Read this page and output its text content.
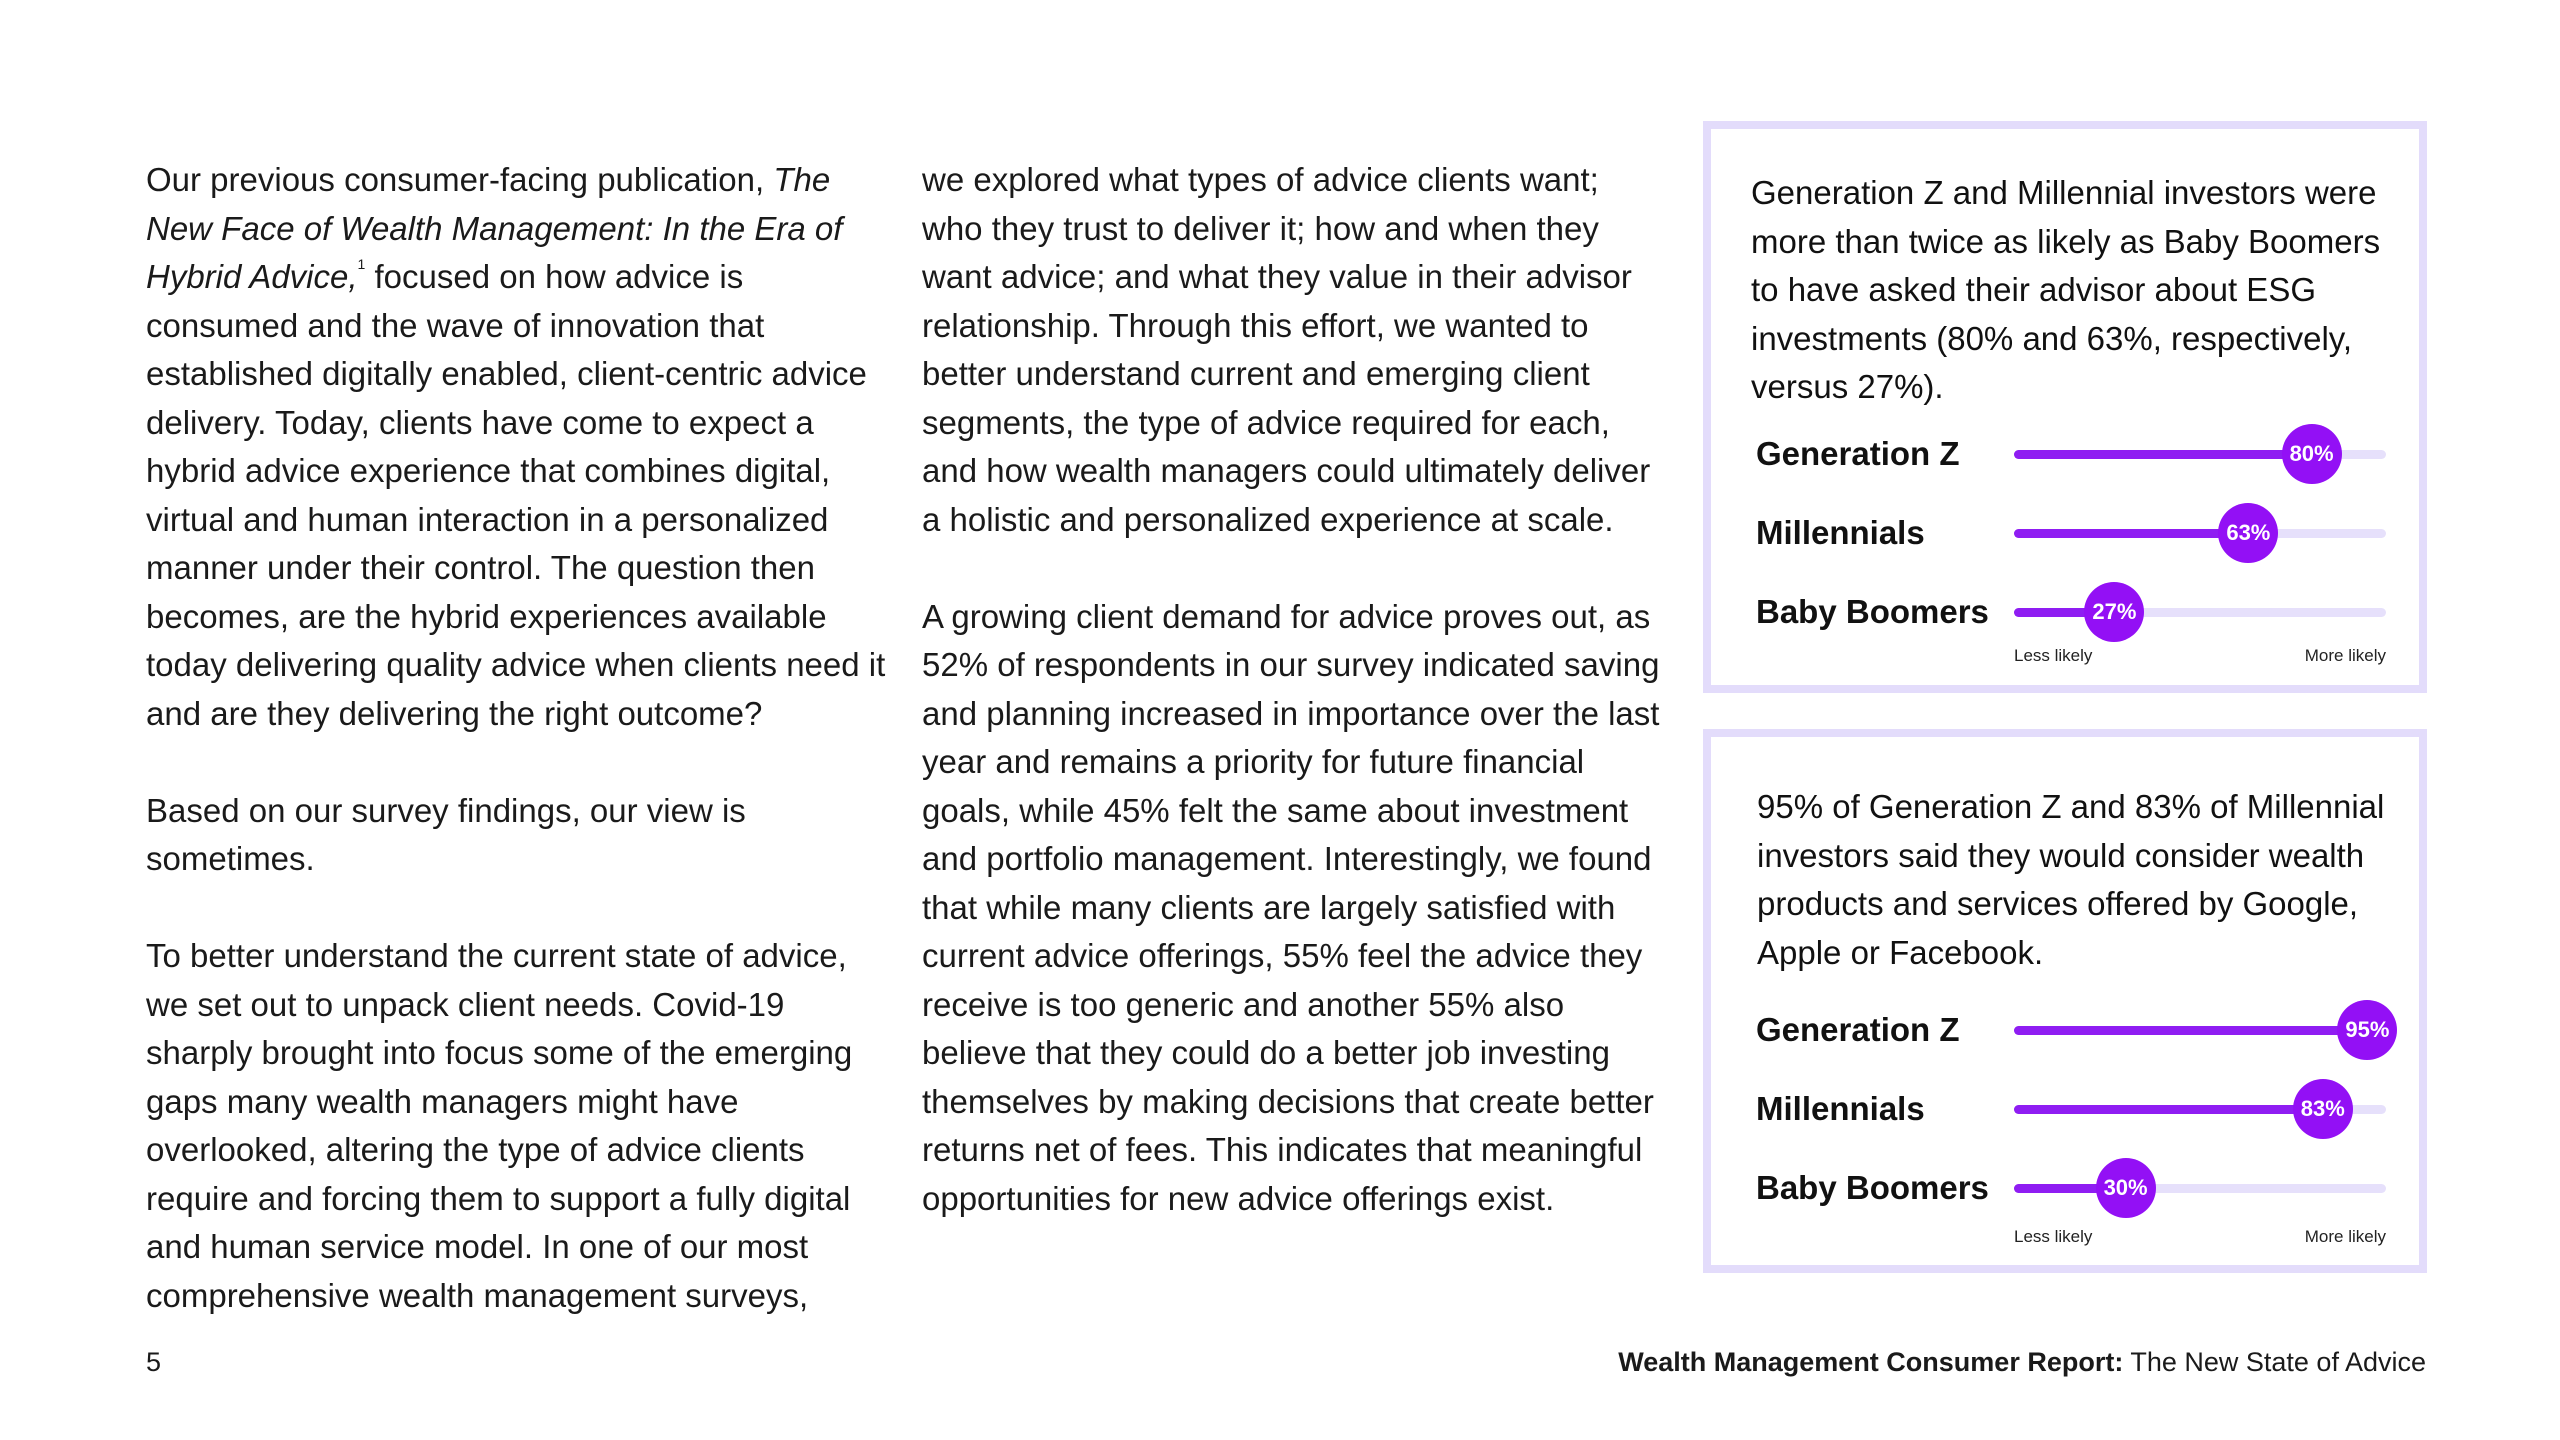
Our previous consumer-facing publication, The New Face of Wealth Management: In the Era of Hybrid Advice,$^1$ focused on how advice is consumed and the wave of innovation that established digitally enabled, client-centric advice delivery. Today, clients have come to expect a hybrid advice experience that combines digital, virtual and human interaction in a personalized manner under their control. The question then becomes, are the hybrid experiences available today delivering quality advice when clients need it and are they delivering the right outcome?

Based on our survey findings, our view is sometimes.

To better understand the current state of advice, we set out to unpack client needs. Covid-19 sharply brought into focus some of the emerging gaps many wealth managers might have overlooked, altering the type of advice clients require and forcing them to support a fully digital and human service model. In one of our most comprehensive wealth management surveys,

we explored what types of advice clients want; who they trust to deliver it; how and when they want advice; and what they value in their advisor relationship. Through this effort, we wanted to better understand current and emerging client segments, the type of advice required for each, and how wealth managers could ultimately deliver a holistic and personalized experience at scale.

A growing client demand for advice proves out, as 52% of respondents in our survey indicated saving and planning increased in importance over the last year and remains a priority for future financial goals, while 45% felt the same about investment and portfolio management. Interestingly, we found that while many clients are largely satisfied with current advice offerings, 55% feel the advice they receive is too generic and another 55% also believe that they could do a better job investing themselves by making decisions that create better returns net of fees. This indicates that meaningful opportunities for new advice offerings exist.

Generation Z and Millennial investors were more than twice as likely as Baby Boomers to have asked their advisor about ESG investments (80% and 63%, respectively, versus 27%).
Generation Z	80%
Millennials	63%
Baby Boomers	27%
Less likely	More likely
95% of Generation Z and 83% of Millennial investors said they would consider wealth products and services offered by Google, Apple or Facebook.
Generation Z	95%
Millennials	83%
Baby Boomers	30%
Less likely	More likely
5	Wealth Management Consumer Report: The New State of Advice
